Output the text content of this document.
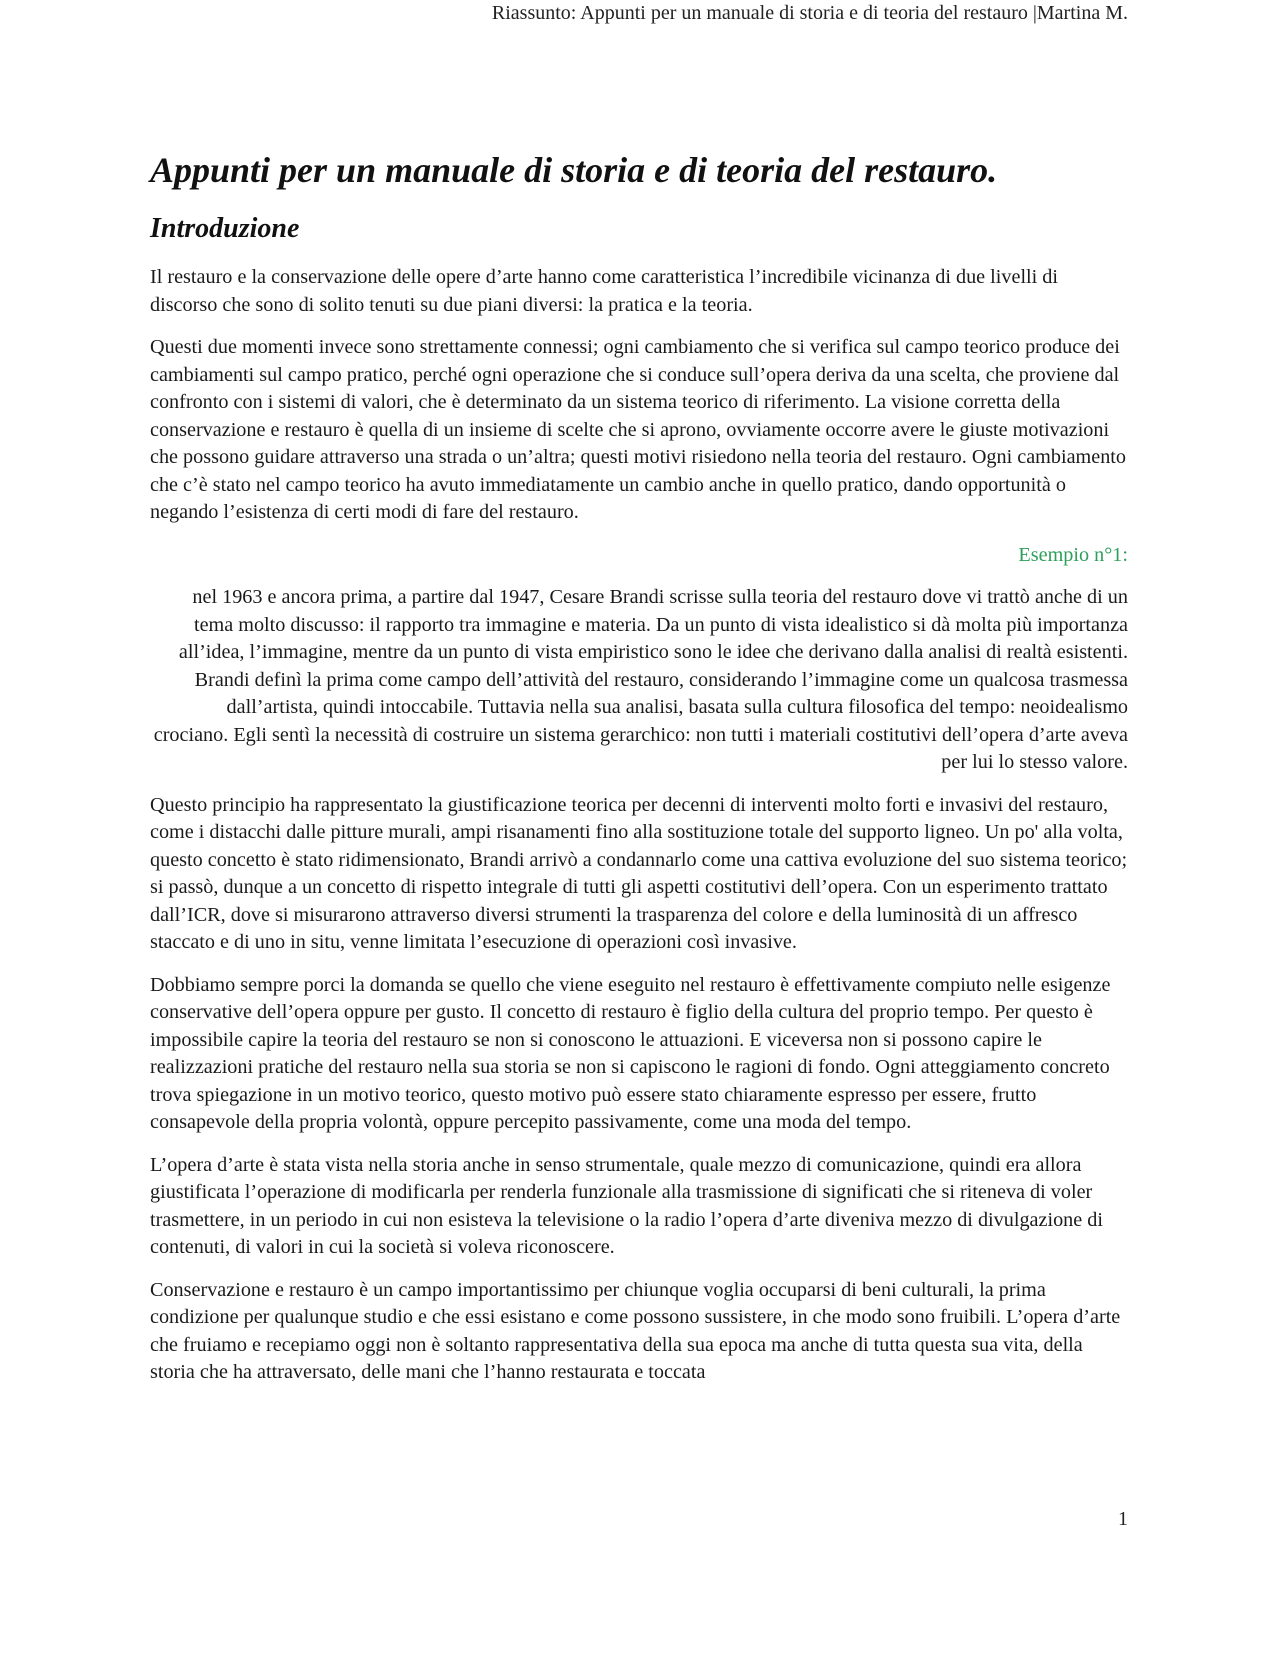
Riassunto: Appunti per un manuale di storia e di teoria del restauro |Martina M.
Appunti per un manuale di storia e di teoria del restauro.
Introduzione

Il restauro e la conservazione delle opere d’arte hanno come caratteristica l’incredibile vicinanza di due livelli di discorso che sono di solito tenuti su due piani diversi: la pratica e la teoria.

Questi due momenti invece sono strettamente connessi; ogni cambiamento che si verifica sul campo teorico produce dei cambiamenti sul campo pratico, perché ogni operazione che si conduce sull’opera deriva da una scelta, che proviene dal confronto con i sistemi di valori, che è determinato da un sistema teorico di riferimento. La visione corretta della conservazione e restauro è quella di un insieme di scelte che si aprono, ovviamente occorre avere le giuste motivazioni che possono guidare attraverso una strada o un’altra; questi motivi risiedono nella teoria del restauro. Ogni cambiamento che c’è stato nel campo teorico ha avuto immediatamente un cambio anche in quello pratico, dando opportunità o negando l’esistenza di certi modi di fare del restauro.

Esempio n°1:

nel 1963 e ancora prima, a partire dal 1947, Cesare Brandi scrisse sulla teoria del restauro dove vi trattò anche di un tema molto discusso: il rapporto tra immagine e materia. Da un punto di vista idealistico si dà molta più importanza all’idea, l’immagine, mentre da un punto di vista empiristico sono le idee che derivano dalla analisi di realtà esistenti. Brandi definì la prima come campo dell’attività del restauro, considerando l’immagine come un qualcosa trasmessa dall’artista, quindi intoccabile. Tuttavia nella sua analisi, basata sulla cultura filosofica del tempo: neoidealismo crociano. Egli sentì la necessità di costruire un sistema gerarchico: non tutti i materiali costitutivi dell’opera d’arte aveva per lui lo stesso valore.

Questo principio ha rappresentato la giustificazione teorica per decenni di interventi molto forti e invasivi del restauro, come i distacchi dalle pitture murali, ampi risanamenti fino alla sostituzione totale del supporto ligneo. Un po' alla volta, questo concetto è stato ridimensionato, Brandi arrivò a condannarlo come una cattiva evoluzione del suo sistema teorico; si passò, dunque a un concetto di rispetto integrale di tutti gli aspetti costitutivi dell’opera. Con un esperimento trattato dall’ICR, dove si misurarono attraverso diversi strumenti la trasparenza del colore e della luminosità di un affresco staccato e di uno in situ, venne limitata l’esecuzione di operazioni così invasive.

Dobbiamo sempre porci la domanda se quello che viene eseguito nel restauro è effettivamente compiuto nelle esigenze conservative dell’opera oppure per gusto. Il concetto di restauro è figlio della cultura del proprio tempo. Per questo è impossibile capire la teoria del restauro se non si conoscono le attuazioni. E viceversa non si possono capire le realizzazioni pratiche del restauro nella sua storia se non si capiscono le ragioni di fondo. Ogni atteggiamento concreto trova spiegazione in un motivo teorico, questo motivo può essere stato chiaramente espresso per essere, frutto consapevole della propria volontà, oppure percepito passivamente, come una moda del tempo.

L’opera d’arte è stata vista nella storia anche in senso strumentale, quale mezzo di comunicazione, quindi era allora giustificata l’operazione di modificarla per renderla funzionale alla trasmissione di significati che si riteneva di voler trasmettere, in un periodo in cui non esisteva la televisione o la radio l’opera d’arte diveniva mezzo di divulgazione di contenuti, di valori in cui la società si voleva riconoscere.

Conservazione e restauro è un campo importantissimo per chiunque voglia occuparsi di beni culturali, la prima condizione per qualunque studio e che essi esistano e come possono sussistere, in che modo sono fruibili. L’opera d’arte che fruiamo e recepiamo oggi non è soltanto rappresentativa della sua epoca ma anche di tutta questa sua vita, della storia che ha attraversato, delle mani che l’hanno restaurata e toccata

1
